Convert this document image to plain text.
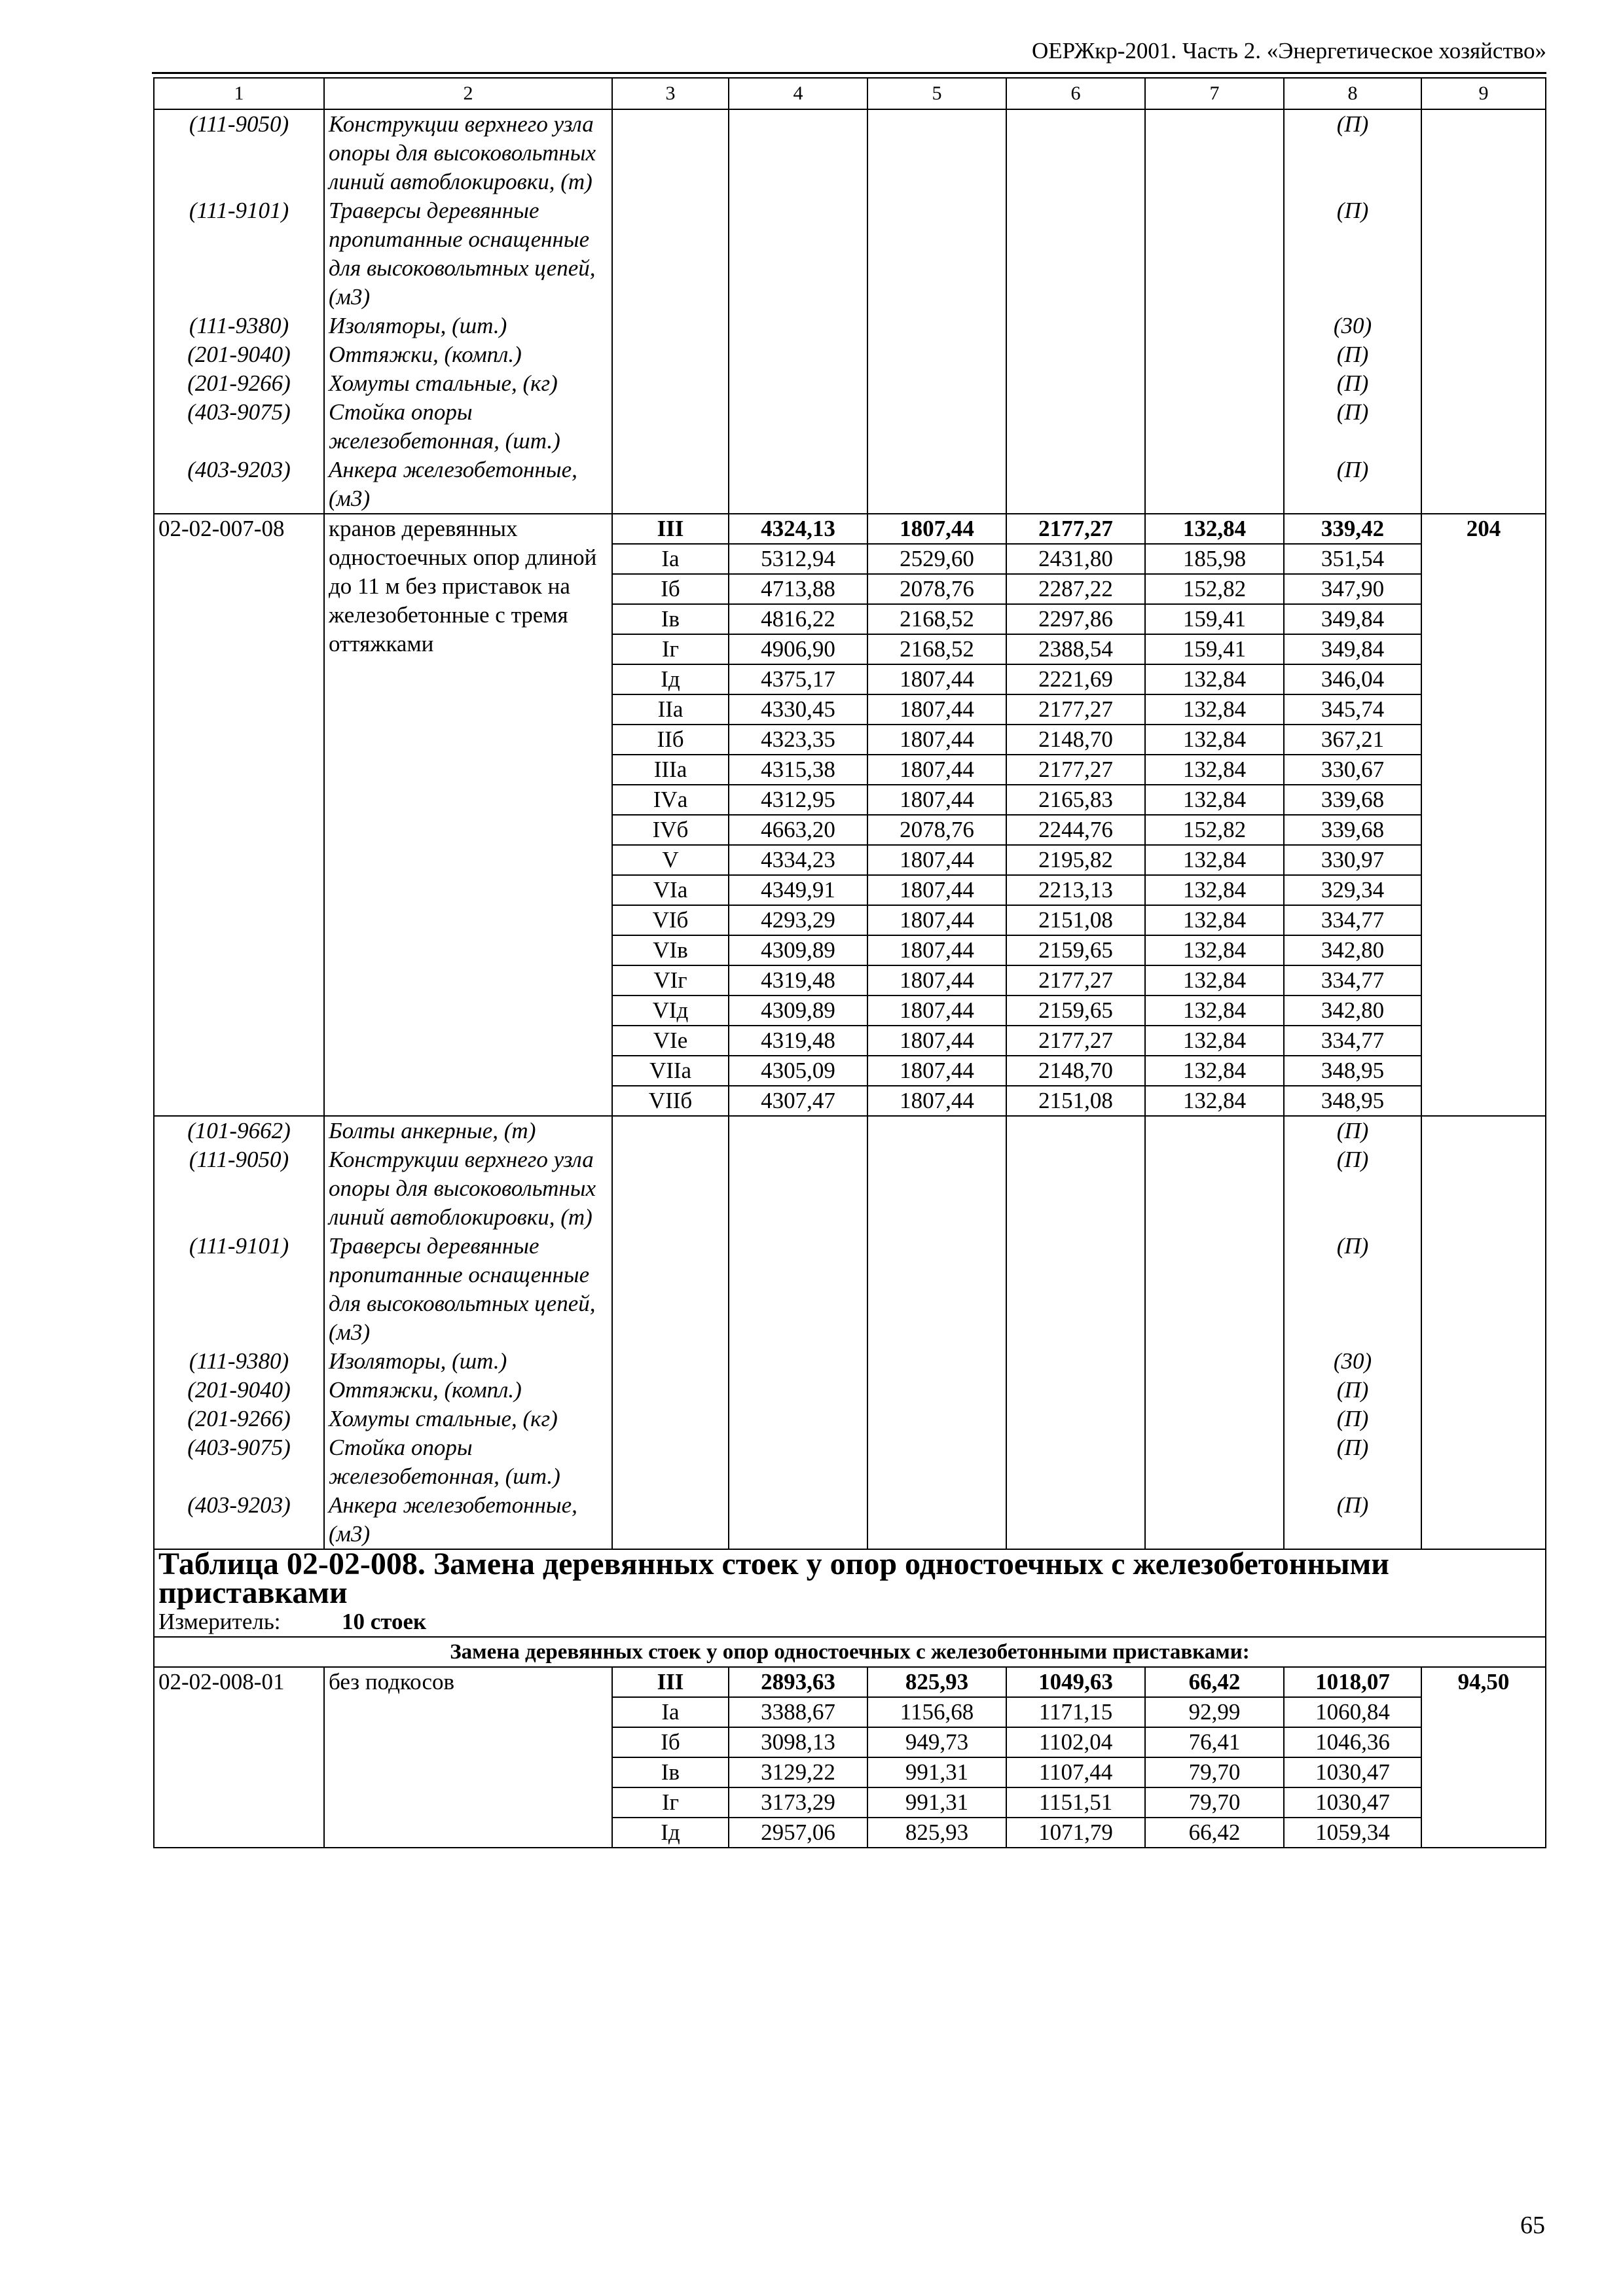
ОЕРЖкр-2001. Часть 2. «Энергетическое хозяйство»
1	2	3	4	5	6	7	8	9
(111-9050)	Конструкции верхнего узла опоры для высоковольтных линий автоблокировки, (т)						(П)	
(111-9101)	Траверсы деревянные пропитанные оснащенные для высоковольтных цепей, (м3)						(П)	
(111-9380)	Изоляторы, (шт.)						(30)	
(201-9040)	Оттяжки, (компл.)						(П)	
(201-9266)	Хомуты стальные, (кг)						(П)	
(403-9075)	Стойка опоры железобетонная, (шт.)						(П)	
(403-9203)	Анкера железобетонные, (м3)						(П)	
02-02-007-08	кранов деревянных одностоечных опор длиной до 11 м без приставок на железобетонные с тремя оттяжками	III	4324,13	1807,44	2177,27	132,84	339,42	204
		Iа	5312,94	2529,60	2431,80	185,98	351,54	
		Iб	4713,88	2078,76	2287,22	152,82	347,90	
		Iв	4816,22	2168,52	2297,86	159,41	349,84	
		Iг	4906,90	2168,52	2388,54	159,41	349,84	
		Iд	4375,17	1807,44	2221,69	132,84	346,04	
		IIа	4330,45	1807,44	2177,27	132,84	345,74	
		IIб	4323,35	1807,44	2148,70	132,84	367,21	
		IIIа	4315,38	1807,44	2177,27	132,84	330,67	
		IVа	4312,95	1807,44	2165,83	132,84	339,68	
		IVб	4663,20	2078,76	2244,76	152,82	339,68	
		V	4334,23	1807,44	2195,82	132,84	330,97	
		VIа	4349,91	1807,44	2213,13	132,84	329,34	
		VIб	4293,29	1807,44	2151,08	132,84	334,77	
		VIв	4309,89	1807,44	2159,65	132,84	342,80	
		VIг	4319,48	1807,44	2177,27	132,84	334,77	
		VIд	4309,89	1807,44	2159,65	132,84	342,80	
		VIе	4319,48	1807,44	2177,27	132,84	334,77	
		VIIа	4305,09	1807,44	2148,70	132,84	348,95	
		VIIб	4307,47	1807,44	2151,08	132,84	348,95	
(101-9662)	Болты анкерные, (т)						(П)	
(111-9050)	Конструкции верхнего узла опоры для высоковольтных линий автоблокировки, (т)						(П)	
(111-9101)	Траверсы деревянные пропитанные оснащенные для высоковольтных цепей, (м3)						(П)	
(111-9380)	Изоляторы, (шт.)						(30)	
(201-9040)	Оттяжки, (компл.)						(П)	
(201-9266)	Хомуты стальные, (кг)						(П)	
(403-9075)	Стойка опоры железобетонная, (шт.)						(П)	
(403-9203)	Анкера железобетонные, (м3)						(П)	
Таблица 02-02-008. Замена деревянных стоек у опор одностоечных с железобетонными приставками								
Измеритель: 10 стоек								
Замена деревянных стоек у опор одностоечных с железобетонными приставками:								
02-02-008-01	без подкосов	III	2893,63	825,93	1049,63	66,42	1018,07	94,50
		Iа	3388,67	1156,68	1171,15	92,99	1060,84	
		Iб	3098,13	949,73	1102,04	76,41	1046,36	
		Iв	3129,22	991,31	1107,44	79,70	1030,47	
		Iг	3173,29	991,31	1151,51	79,70	1030,47	
		Iд	2957,06	825,93	1071,79	66,42	1059,34	
65
